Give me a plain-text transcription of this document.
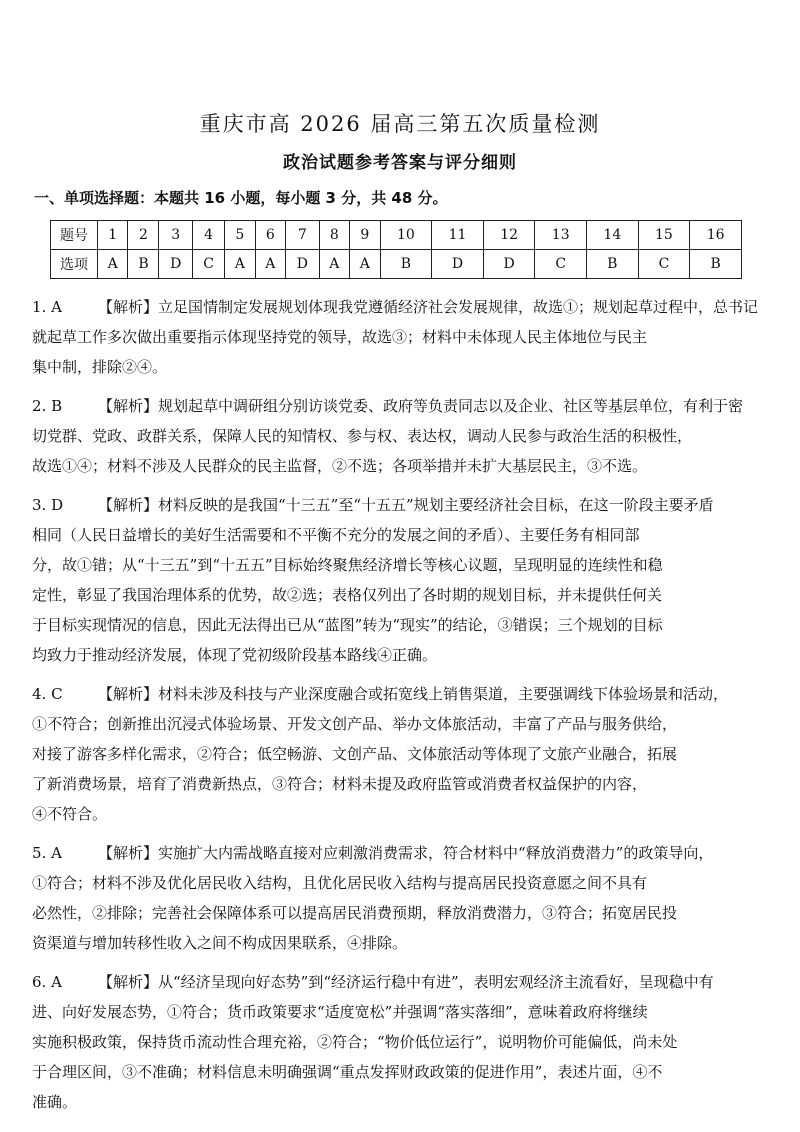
重庆市高 2026 届高三第五次质量检测
政治试题参考答案与评分细则
一、单项选择题：本题共 16 小题，每小题 3 分，共 48 分。
题号	1	2	3	4	5	6	7	8	9	10	11	12	13	14	15	16
选项	A	B	D	C	A	A	D	A	A	B	D	D	C	B	C	B
1. A	【解析】立足国情制定发展规划体现我党遵循经济社会发展规律，故选①；规划起草过程中，总书记
就起草工作多次做出重要指示体现坚持党的领导，故选③；材料中未体现人民主体地位与民主
集中制，排除②④。
2. B	【解析】规划起草中调研组分别访谈党委、政府等负责同志以及企业、社区等基层单位，有利于密
切党群、党政、政群关系，保障人民的知情权、参与权、表达权，调动人民参与政治生活的积极性，
故选①④；材料不涉及人民群众的民主监督，②不选；各项举措并未扩大基层民主，③不选。
3. D	【解析】材料反映的是我国“十三五”至“十五五”规划主要经济社会目标，在这一阶段主要矛盾
相同（人民日益增长的美好生活需要和不平衡不充分的发展之间的矛盾）、主要任务有相同部
分，故①错；从“十三五”到“十五五”目标始终聚焦经济增长等核心议题，呈现明显的连续性和稳
定性，彰显了我国治理体系的优势，故②选；表格仅列出了各时期的规划目标，并未提供任何关
于目标实现情况的信息，因此无法得出已从“蓝图”转为“现实”的结论，③错误；三个规划的目标
均致力于推动经济发展，体现了党初级阶段基本路线④正确。
4. C	【解析】材料未涉及科技与产业深度融合或拓宽线上销售渠道，主要强调线下体验场景和活动，
①不符合；创新推出沉浸式体验场景、开发文创产品、举办文体旅活动，丰富了产品与服务供给，
对接了游客多样化需求，②符合；低空畅游、文创产品、文体旅活动等体现了文旅产业融合，拓展
了新消费场景，培育了消费新热点，③符合；材料未提及政府监管或消费者权益保护的内容，
④不符合。
5. A	【解析】实施扩大内需战略直接对应刺激消费需求，符合材料中“释放消费潜力”的政策导向，
①符合；材料不涉及优化居民收入结构，且优化居民收入结构与提高居民投资意愿之间不具有
必然性，②排除；完善社会保障体系可以提高居民消费预期，释放消费潜力，③符合；拓宽居民投
资渠道与增加转移性收入之间不构成因果联系，④排除。
6. A	【解析】从“经济呈现向好态势”到“经济运行稳中有进”，表明宏观经济主流看好，呈现稳中有
进、向好发展态势，①符合；货币政策要求“适度宽松”并强调“落实落细”，意味着政府将继续
实施积极政策，保持货币流动性合理充裕，②符合；“物价低位运行”，说明物价可能偏低，尚未处
于合理区间，③不准确；材料信息未明确强调“重点发挥财政政策的促进作用”，表述片面，④不
准确。
